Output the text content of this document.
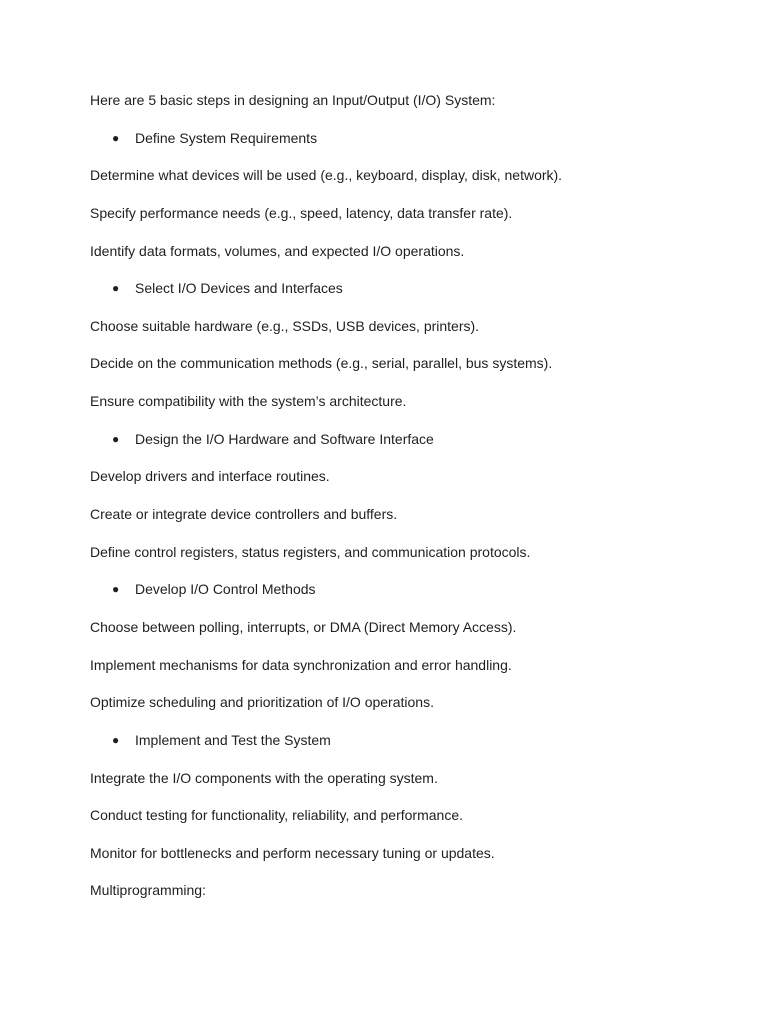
Here are 5 basic steps in designing an Input/Output (I/O) System:
● Define System Requirements
Determine what devices will be used (e.g., keyboard, display, disk, network).
Specify performance needs (e.g., speed, latency, data transfer rate).
Identify data formats, volumes, and expected I/O operations.
● Select I/O Devices and Interfaces
Choose suitable hardware (e.g., SSDs, USB devices, printers).
Decide on the communication methods (e.g., serial, parallel, bus systems).
Ensure compatibility with the system’s architecture.
● Design the I/O Hardware and Software Interface
Develop drivers and interface routines.
Create or integrate device controllers and buffers.
Define control registers, status registers, and communication protocols.
● Develop I/O Control Methods
Choose between polling, interrupts, or DMA (Direct Memory Access).
Implement mechanisms for data synchronization and error handling.
Optimize scheduling and prioritization of I/O operations.
● Implement and Test the System
Integrate the I/O components with the operating system.
Conduct testing for functionality, reliability, and performance.
Monitor for bottlenecks and perform necessary tuning or updates.
Multiprogramming:
